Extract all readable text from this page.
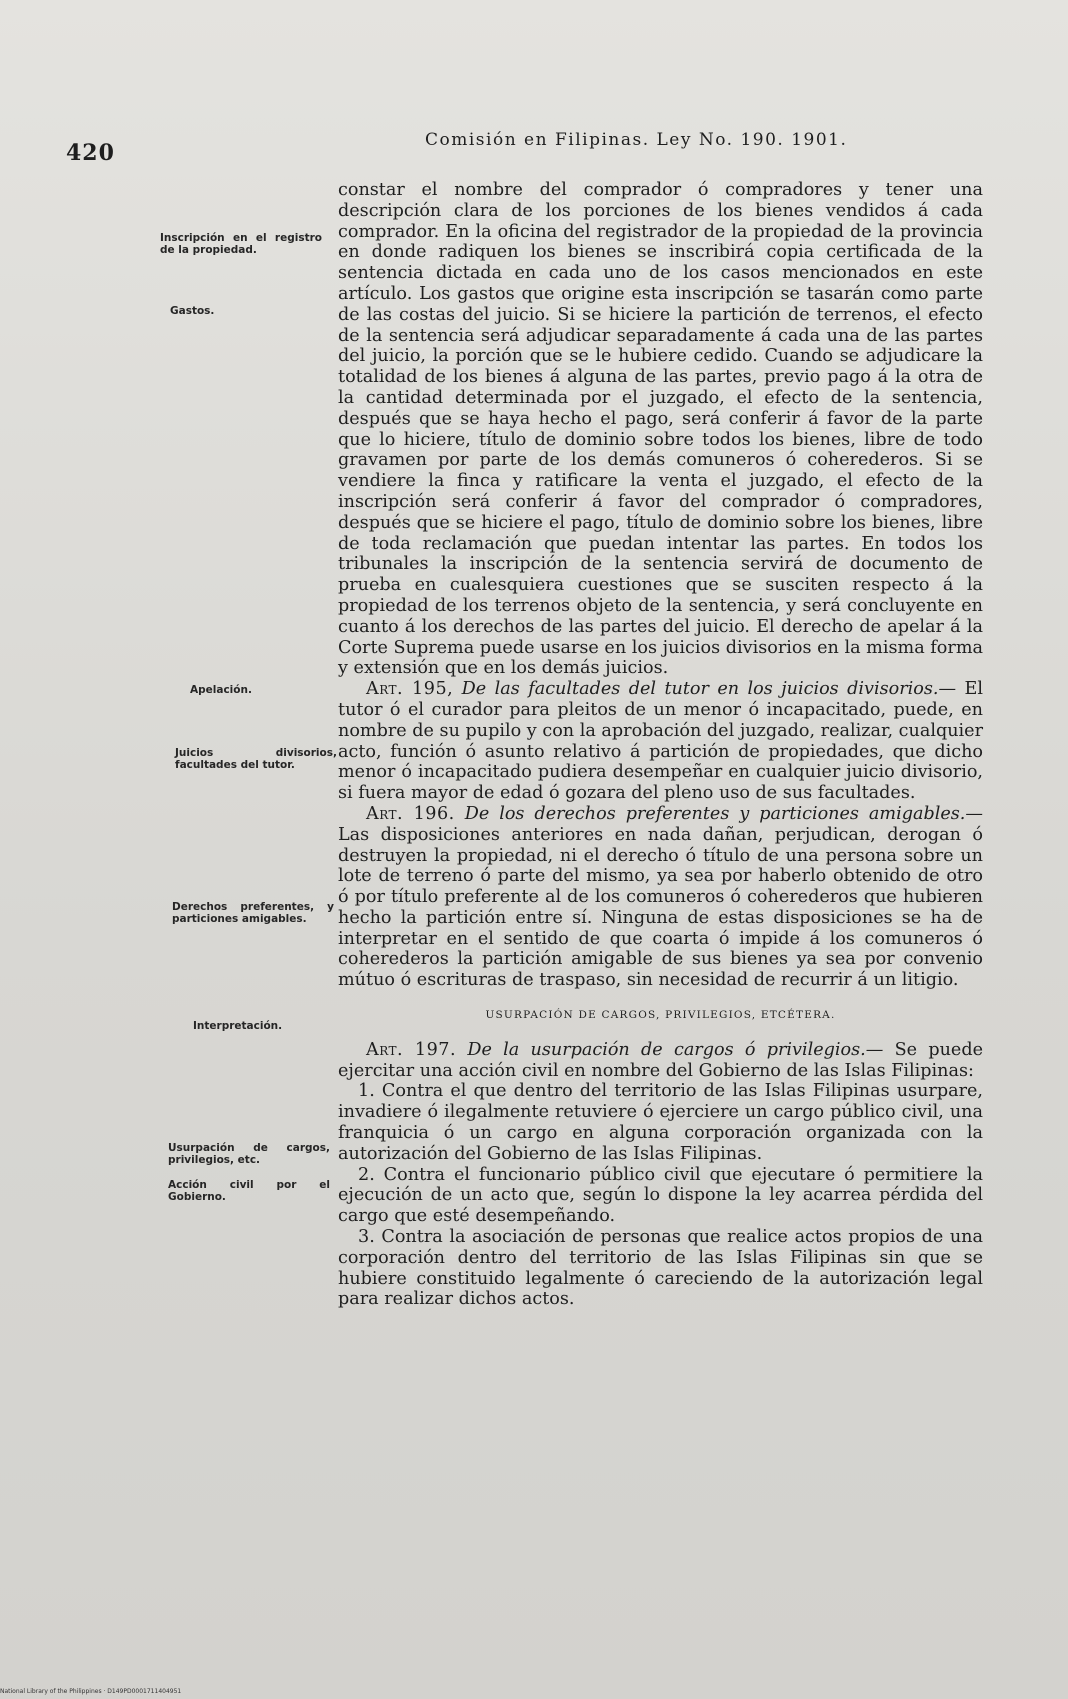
420	Comisión en Filipinas. Ley No. 190. 1901.
Inscripción en el registro de la propiedad.
Gastos.
Apelación.
Juicios divisorios, facultades del tutor.
Derechos preferentes, y particiones amigables.
Interpretación.
Usurpación de cargos, privilegios, etc.
Acción civil por el Gobierno.

constar el nombre del comprador ó compradores y tener una descripción clara de los porciones de los bienes vendidos á cada comprador. En la oficina del registrador de la propiedad de la provincia en donde radiquen los bienes se inscribirá copia certificada de la sentencia dictada en cada uno de los casos mencionados en este artículo. Los gastos que origine esta inscripción se tasarán como parte de las costas del juicio. Si se hiciere la partición de terrenos, el efecto de la sentencia será adjudicar separadamente á cada una de las partes del juicio, la porción que se le hubiere cedido. Cuando se adjudicare la totalidad de los bienes á alguna de las partes, previo pago á la otra de la cantidad determinada por el juzgado, el efecto de la sentencia, después que se haya hecho el pago, será conferir á favor de la parte que lo hiciere, título de dominio sobre todos los bienes, libre de todo gravamen por parte de los demás comuneros ó coherederos. Si se vendiere la finca y ratificare la venta el juzgado, el efecto de la inscripción será conferir á favor del comprador ó compradores, después que se hiciere el pago, título de dominio sobre los bienes, libre de toda reclamación que puedan intentar las partes. En todos los tribunales la inscripción de la sentencia servirá de documento de prueba en cualesquiera cuestiones que se susciten respecto á la propiedad de los terrenos objeto de la sentencia, y será concluyente en cuanto á los derechos de las partes del juicio. El derecho de apelar á la Corte Suprema puede usarse en los juicios divisorios en la misma forma y extensión que en los demás juicios.

Art. 195, De las facultades del tutor en los juicios divisorios.— El tutor ó el curador para pleitos de un menor ó incapacitado, puede, en nombre de su pupilo y con la aprobación del juzgado, realizar, cualquier acto, función ó asunto relativo á partición de propiedades, que dicho menor ó incapacitado pudiera desempeñar en cualquier juicio divisorio, si fuera mayor de edad ó gozara del pleno uso de sus facultades.

Art. 196. De los derechos preferentes y particiones amigables.— Las disposiciones anteriores en nada dañan, perjudican, derogan ó destruyen la propiedad, ni el derecho ó título de una persona sobre un lote de terreno ó parte del mismo, ya sea por haberlo obtenido de otro ó por título preferente al de los comuneros ó coherederos que hubieren hecho la partición entre sí. Ninguna de estas disposiciones se ha de interpretar en el sentido de que coarta ó impide á los comuneros ó coherederos la partición amigable de sus bienes ya sea por convenio mútuo ó escrituras de traspaso, sin necesidad de recurrir á un litigio.

USURPACIÓN DE CARGOS, PRIVILEGIOS, ETCÉTERA.

Art. 197. De la usurpación de cargos ó privilegios.— Se puede ejercitar una acción civil en nombre del Gobierno de las Islas Filipinas:

1. Contra el que dentro del territorio de las Islas Filipinas usurpare, invadiere ó ilegalmente retuviere ó ejerciere un cargo público civil, una franquicia ó un cargo en alguna corporación organizada con la autorización del Gobierno de las Islas Filipinas.

2. Contra el funcionario público civil que ejecutare ó permitiere la ejecución de un acto que, según lo dispone la ley acarrea pérdida del cargo que esté desempeñando.

3. Contra la asociación de personas que realice actos propios de una corporación dentro del territorio de las Islas Filipinas sin que se hubiere constituido legalmente ó careciendo de la autorización legal para realizar dichos actos.

National Library of the Philippines · D149PD0001711404951
